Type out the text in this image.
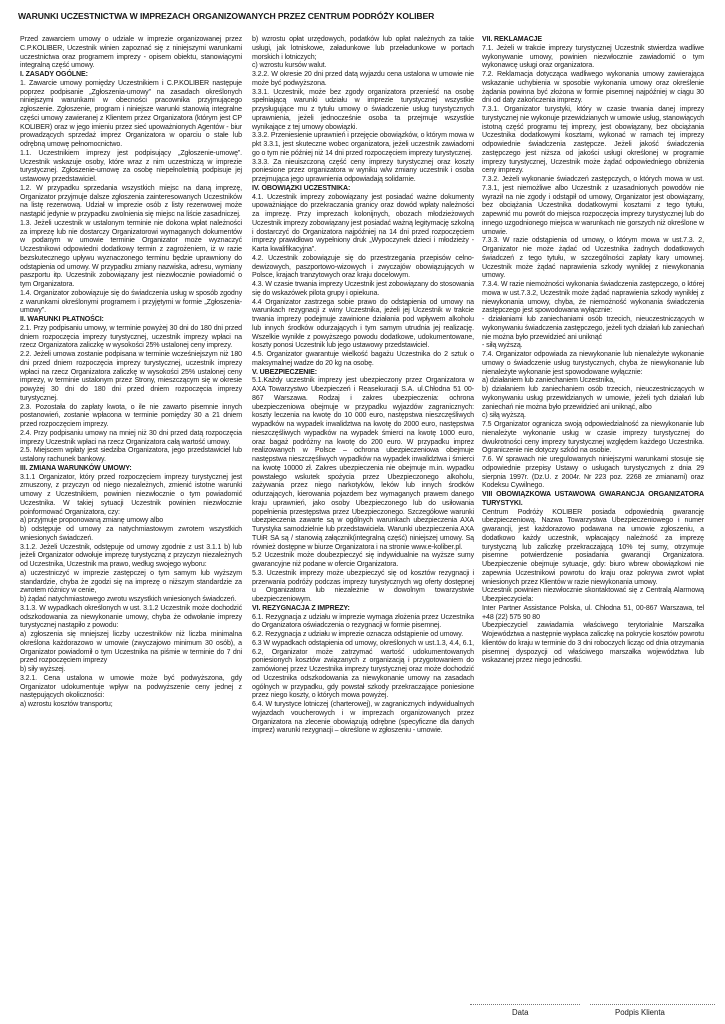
WARUNKI UCZESTNICTWA W IMPREZACH ORGANIZOWANYCH PRZEZ CENTRUM PODRÓŻY KOLIBER

Przed zawarciem umowy o udziale w imprezie organizowanej przez C.P.KOLIBER, Uczestnik winien zapoznać się z niniejszymi warunkami uczestnictwa oraz programem imprezy - opisem obiektu, stanowiącymi integralną część umowy.

I. ZASADY OGÓLNE:

1. Zawarcie umowy pomiędzy Uczestnikiem i C.P.KOLIBER następuje poprzez podpisanie „Zgłoszenia-umowy” na zasadach określonych niniejszymi warunkami w obecności pracownika przyjmującego zgłoszenie. Zgłoszenie, program i niniejsze warunki stanowią integralne części umowy zawieranej z Klientem przez Organizatora (którym jest CP KOLIBER) oraz w jego imieniu przez sieć upoważnionych Agentów - biur prowadzących sprzedaż imprez Organizatora w oparciu o stałe lub odrębną umowę pełnomocnictwo.

1.1. Uczestnikiem imprezy jest podpisujący „Zgłoszenie-umowę”. Uczestnik wskazuje osoby, które wraz z nim uczestniczą w imprezie turystycznej. Zgłoszenie-umowę za osobę niepełnoletnią podpisuje jej ustawowy przedstawiciel.

1.2. W przypadku sprzedania wszystkich miejsc na daną imprezę, Organizator przyjmuje dalsze zgłoszenia zainteresowanych Uczestników na listę rezerwową. Udział w imprezie osób z listy rezerwowej może nastąpić jedynie w przypadku zwolnienia się miejsc na liście zasadniczej.

1.3. Jeżeli uczestnik w ustalonym terminie nie dokona wpłat należności za imprezę lub nie dostarczy Organizatorowi wymaganych dokumentów w podanym w umowie terminie Organizator może wyznaczyć Uczestnikowi odpowiedni dodatkowy termin z zagrożeniem, iż w razie bezskutecznego upływu wyznaczonego terminu będzie uprawniony do odstąpienia od umowy. W przypadku zmiany nazwiska, adresu, wymiany paszportu itp. Uczestnik zobowiązany jest niezwłocznie powiadomić o tym Organizatora.

1.4. Organizator zobowiązuje się do świadczenia usług w sposób zgodny z warunkami określonymi programem i przyjętymi w formie „Zgłoszenia-umowy”.

II. WARUNKI PŁATNOŚCI:

2.1. Przy podpisaniu umowy, w terminie powyżej 30 dni do 180 dni przed dniem rozpoczęcia imprezy turystycznej, uczestnik imprezy wpłaci na rzecz Organizatora zaliczkę w wysokości 25% ustalonej ceny imprezy.

2.2. Jeżeli umowa zostanie podpisana w terminie wcześniejszym niż 180 dni przed dniem rozpoczęcia imprezy turystycznej, uczestnik imprezy wpłaci na rzecz Organizatora zaliczkę w wysokości 25% ustalonej ceny imprezy, w terminie ustalonym przez Strony, mieszczącym się w okresie powyżej 30 dni do 180 dni przed dniem rozpoczęcia imprezy turystycznej.

2.3. Pozostała do zapłaty kwota, o ile nie zawarto pisemnie innych postanowień, zostanie wpłacona w terminie pomiędzy 30 a 21 dniem przed rozpoczęciem imprezy.

2.4. Przy podpisaniu umowy na mniej niż 30 dni przed datą rozpoczęcia imprezy Uczestnik wpłaci na rzecz Organizatora całą wartość umowy.

2.5. Miejscem wpłaty jest siedziba Organizatora, jego przedstawiciel lub ustalony rachunek bankowy.

III. ZMIANA WARUNKÓW UMOWY:

3.1.1 Organizator, który przed rozpoczęciem imprezy turystycznej jest zmuszony, z przyczyn od niego niezależnych, zmienić istotne warunki umowy z Uczestnikiem, powinien niezwłocznie o tym powiadomić Uczestnika. W takiej sytuacji Uczestnik powinien niezwłocznie poinformować Organizatora, czy:

a) przyjmuje proponowaną zmianę umowy albo

b) odstępuje od umowy za natychmiastowym zwrotem wszystkich wniesionych świadczeń.

3.1.2. Jeżeli Uczestnik, odstępuje od umowy zgodnie z ust 3.1.1 b) lub jeżeli Organizator odwołuje imprezę turystyczną z przyczyn niezależnych od Uczestnika, Uczestnik ma prawo, według swojego wyboru:

a) uczestniczyć w imprezie zastępczej o tym samym lub wyższym standardzie, chyba że zgodzi się na imprezę o niższym standardzie za zwrotem różnicy w cenie,

b) żądać natychmiastowego zwrotu wszystkich wniesionych świadczeń.

3.1.3. W wypadkach określonych w ust. 3.1.2 Uczestnik może dochodzić odszkodowania za niewykonanie umowy, chyba że odwołanie imprezy turystycznej nastąpiło z powodu:

a) zgłoszenia się mniejszej liczby uczestników niż liczba minimalna określona każdorazowo w umowie (zwyczajowo minimum 30 osób), a Organizator powiadomił o tym Uczestnika na piśmie w terminie do 7 dni przed rozpoczęciem imprezy

b) siły wyższej.

3.2.1. Cena ustalona w umowie może być podwyższona, gdy Organizator udokumentuje wpływ na podwyższenie ceny jednej z następujących okoliczności:

a) wzrostu kosztów transportu;

b) wzrostu opłat urzędowych, podatków lub opłat należnych za takie usługi, jak lotniskowe, załadunkowe lub przeładunkowe w portach morskich i lotniczych;

c) wzrostu kursów walut.

3.2.2. W okresie 20 dni przed datą wyjazdu cena ustalona w umowie nie może być podwyższona.

3.3.1. Uczestnik, może bez zgody organizatora przenieść na osobę spełniającą warunki udziału w imprezie turystycznej wszystkie przysługujące mu z tytułu umowy o świadczenie usług turystycznych uprawnienia, jeżeli jednocześnie osoba ta przejmuje wszystkie wynikające z tej umowy obowiązki.

3.3.2. Przeniesienie uprawnień i przejęcie obowiązków, o którym mowa w pkt 3.3.1, jest skuteczne wobec organizatora, jeżeli uczestnik zawiadomi go o tym nie później niż 14 dni przed rozpoczęciem imprezy turystycznej.

3.3.3. Za nieuiszczoną część ceny imprezy turystycznej oraz koszty poniesione przez organizatora w wyniku w/w zmiany uczestnik i osoba przejmująca jego uprawnienia odpowiadają solidarnie.

IV. OBOWIĄZKI UCZESTNIKA:

4.1. Uczestnik imprezy zobowiązany jest posiadać ważne dokumenty upoważniające do przekraczania granicy oraz dowód wpłaty należności za imprezę. Przy imprezach kolonijnych, obozach młodzieżowych Uczestnik imprezy zobowiązany jest posiadać ważną legitymację szkolną i dostarczyć do Organizatora najpóźniej na 14 dni przed rozpoczęciem imprezy prawidłowo wypełniony druk „Wypoczynek dzieci i młodzieży - Karta kwalifikacyjna”.

4.2. Uczestnik zobowiązuje się do przestrzegania przepisów celno-dewizowych, paszportowo-wizowych i zwyczajów obowiązujących w Polsce, krajach tranzytowych oraz kraju docelowym.

4.3. W czasie trwania imprezy Uczestnik jest zobowiązany do stosowania się do wskazówek pilota grupy i opiekuna.

4.4 Organizator zastrzega sobie prawo do odstąpienia od umowy na warunkach rezygnacji z winy Uczestnika, jeżeli jej Uczestnik w trakcie trwania imprezy podejmuje zawinione działania pod wpływem alkoholu lub innych środków odurzających i tym samym utrudnia jej realizację. Wszelkie wynikłe z powyższego powodu dodatkowe, udokumentowane, koszty ponosi Uczestnik lub jego ustawowy przedstawiciel.

4.5. Organizator gwarantuje wielkość bagażu Uczestnika do 2 sztuk o maksymalnej wadze do 20 kg na osobę.

V. UBEZPIECZENIE:

5.1.Każdy uczestnik imprezy jest ubezpieczony przez Organizatora w AXA Towarzystwo Ubezpieczeń i Reasekuracji S.A. ul.Chłodna 51 00-867 Warszawa. Rodzaj i zakres ubezpieczenia: ochrona ubezpieczeniowa obejmuje w przypadku wyjazdów zagranicznych: koszty leczenia na kwotę do 10 000 euro, następstwa nieszczęśliwych wypadków na wypadek inwalidztwa na kwotę do 2000 euro, następstwa nieszczęśliwych wypadków na wypadek śmierci na kwotę 1000 euro, oraz bagaż podróżny na kwotę do 200 euro. W przypadku imprez realizowanych w Polsce – ochrona ubezpieczeniowa obejmuje następstwa nieszczęśliwych wypadków na wypadek inwalidztwa i śmierci na kwotę 10000 zł. Zakres ubezpieczenia nie obejmuje m.in. wypadku powstałego wskutek spożycia przez Ubezpieczonego alkoholu, zażywania przez niego narkotyków, leków lub innych środków odurzających, kierowania pojazdem bez wymaganych prawem danego kraju uprawnień, jako osoby Ubezpieczonego lub do usiłowania popełnienia przestępstwa przez Ubezpieczonego. Szczegółowe warunki ubezpieczenia zawarte są w ogólnych warunkach ubezpieczenia AXA Turystyka samodzielnie lub przedstawiciela. Warunki ubezpieczenia AXA TUiR SA są / stanowią załącznik(integralną część) niniejszej umowy. Są również dostępne w biurze Organizatora i na stronie www.e-koliber.pl.

5.2 Uczestnik może doubezpieczyć się indywidualnie na wyższe sumy gwarancyjne niż podane w ofercie Organizatora.

5.3. Uczestnik imprezy może ubezpieczyć się od kosztów rezygnacji i przerwania podróży podczas imprezy turystycznych wg oferty dostępnej u Organizatora lub niezależnie w dowolnym towarzystwie ubezpieczeniowym.

VI. REZYGNACJA Z IMPREZY:

6.1. Rezygnacja z udziału w imprezie wymaga złożenia przez Uczestnika do Organizatora oświadczenia o rezygnacji w formie pisemnej.

6.2. Rezygnacja z udziału w imprezie oznacza odstąpienie od umowy.

6.3 W wypadkach odstąpienia od umowy, określonych w ust.1.3, 4.4, 6.1, 6.2, Organizator może zatrzymać wartość udokumentowanych poniesionych kosztów związanych z organizacją i przygotowaniem do zamówionej przez Uczestnika imprezy turystycznej oraz może dochodzić od Uczestnika odszkodowania za niewykonanie umowy na zasadach ogólnych w przypadku, gdy powstał szkody przekraczające poniesione przez niego koszty, o których mowa powyżej.

6.4. W turystyce lotniczej (charterowej), w zagranicznych indywidualnych wyjazdach voucherowych i w imprezach organizowanych przez Organizatora na zlecenie obowiązują odrębne (specyficzne dla danych imprez) warunki rezygnacji – określone w zgłoszeniu - umowie.

VII. REKLAMACJE

7.1. Jeżeli w trakcie imprezy turystycznej Uczestnik stwierdza wadliwe wykonywanie umowy, powinien niezwłocznie zawiadomić o tym wykonawcę usługi oraz organizatora.

7.2. Reklamacja dotycząca wadliwego wykonania umowy zawierająca wskazanie uchybienia w sposobie wykonania umowy oraz określenie żądania powinna być złożona w formie pisemnej najpóźniej w ciągu 30 dni od daty zakończenia imprezy.

7.3.1. Organizator turystyki, który w czasie trwania danej imprezy turystycznej nie wykonuje przewidzianych w umowie usług, stanowiących istotną część programu tej imprezy, jest obowiązany, bez obciążania Uczestnika dodatkowymi kosztami, wykonać w ramach tej imprezy odpowiednie świadczenia zastępcze. Jeżeli jakość świadczenia zastępczego jest niższa od jakości usługi określonej w programie imprezy turystycznej, Uczestnik może żądać odpowiedniego obniżenia ceny imprezy.

7.3.2. Jeżeli wykonanie świadczeń zastępczych, o których mowa w ust. 7.3.1, jest niemożliwe albo Uczestnik z uzasadnionych powodów nie wyraził na nie zgody i odstąpił od umowy, Organizator jest obowiązany, bez obciążania Uczestnika dodatkowymi kosztami z tego tytułu, zapewnić mu powrót do miejsca rozpoczęcia imprezy turystycznej lub do innego uzgodnionego miejsca w warunkach nie gorszych niż określone w umowie.

7.3.3. W razie odstąpienia od umowy, o którym mowa w ust.7.3. 2, Organizator nie może żądać od Uczestnika żadnych dodatkowych świadczeń z tego tytułu, w szczególności zapłaty kary umownej. Uczestnik może żądać naprawienia szkody wynikłej z niewykonania umowy.

7.3.4. W razie niemożności wykonania świadczenia zastępczego, o której mowa w ust.7.3.2, Uczestnik może żądać naprawienia szkody wynikłej z niewykonania umowy, chyba, że niemożność wykonania świadczenia zastępczego jest spowodowana wyłącznie:

- działaniami lub zaniechaniami osób trzecich, nieuczestniczących w wykonywaniu świadczenia zastępczego, jeżeli tych działań lub zaniechań nie można było przewidzieć ani uniknąć

- siłą wyższą.

7.4. Organizator odpowiada za niewykonanie lub nienależyte wykonanie umowy o świadczenie usług turystycznych, chyba że niewykonanie lub nienależyte wykonanie jest spowodowane wyłącznie:

a) działaniem lub zaniechaniem Uczestnika,

b) działaniem lub zaniechaniem osób trzecich, nieuczestniczących w wykonywaniu usług przewidzianych w umowie, jeżeli tych działań lub zaniechań nie można było przewidzieć ani uniknąć, albo

c) siłą wyższą.

7.5 Organizator ogranicza swoją odpowiedzialność za niewykonanie lub nienależyte wykonanie usług w czasie imprezy turystycznej do dwukrotności ceny imprezy turystycznej względem każdego Uczestnika. Ograniczenie nie dotyczy szkód na osobie.

7.6. W sprawach nie uregulowanych niniejszymi warunkami stosuje się odpowiednie przepisy Ustawy o usługach turystycznych z dnia 29 sierpnia 1997r. (Dz.U. z 2004r. Nr 223 poz. 2268 ze zmianami) oraz Kodeksu Cywilnego.

VIII OBOWIĄZKOWA USTAWOWA GWARANCJA ORGANIZATORA TURYSTYKI.

Centrum Podróży KOLIBER posiada odpowiednią gwarancję ubezpieczeniową. Nazwa Towarzystwa Ubezpieczeniowego i numer gwarancji, jest każdorazowo podawana na umowie zgłoszeniu, a dodatkowo każdy uczestnik, wpłacający należność za imprezę turystyczną lub zaliczkę przekraczającą 10% tej sumy, otrzymuje pisemne potwierdzenie posiadania gwarancji Organizatora. Ubezpieczenie obejmuje sytuacje, gdy: biuro wbrew obowiązkowi nie zapewnia Uczestnikowi powrotu do kraju oraz pokrywa zwrot wpłat wniesionych przez Klientów w razie niewykonania umowy.

Uczestnik powinien niezwłocznie skontaktować się z Centralą Alarmową Ubezpieczyciela:

Inter Partner Assistance Polska, ul. Chłodna 51, 00-867 Warszawa, tel +48 (22) 575 90 80

Ubezpieczyciel zawiadamia właściwego terytorialnie Marszałka Województwa a następnie wypłaca zaliczkę na pokrycie kosztów powrotu klientów do kraju w terminie do 3 dni roboczych licząc od dnia otrzymania pisemnej dyspozycji od właściwego marszałka województwa lub wskazanej przez niego jednostki.

Data	Podpis Klienta
